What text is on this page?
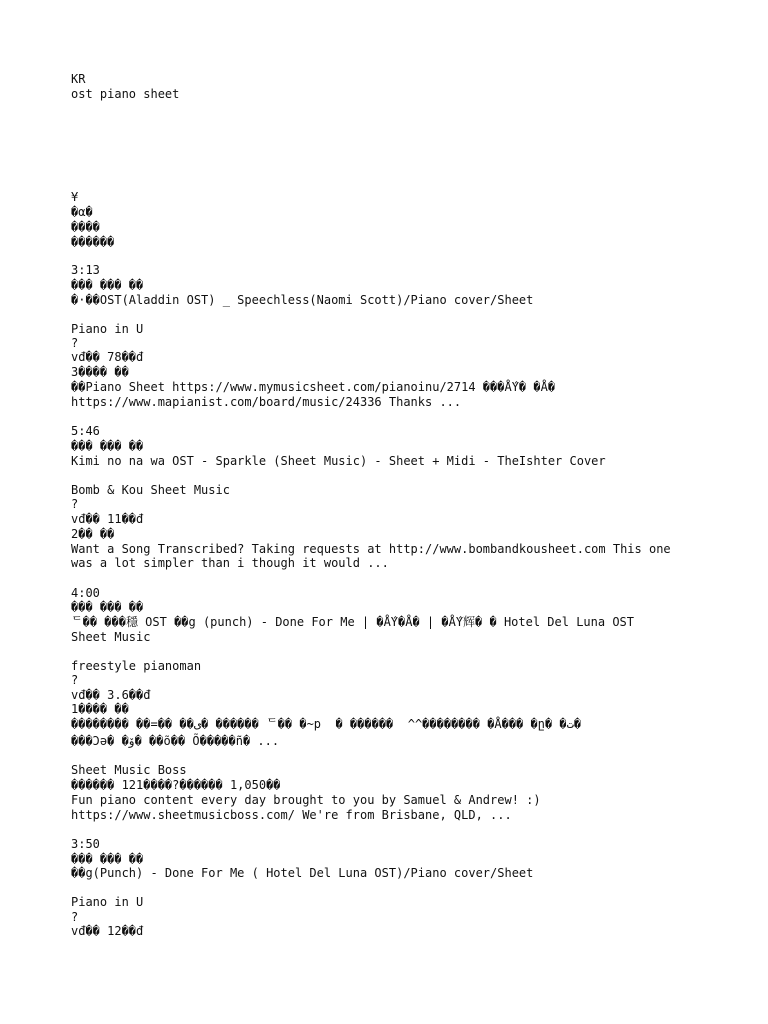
KR
ost piano sheet
¥
�α�
����
������
3:13
��� ��� ��
�·��OST(Aladdin OST) _ Speechless(Naomi Scott)/Piano cover/Sheet
Piano in U
?
vđ�� 78��đ
3���� ��
��Piano Sheet https://www.mymusicsheet.com/pianoinu/2714 ���ǺΥ� �Å�
https://www.mapianist.com/board/music/24336 Thanks ...
5:46
��� ��� ��
Kimi no na wa OST - Sparkle (Sheet Music) - Sheet + Midi - TheIshter Cover
Bomb & Kou Sheet Music
?
vđ�� 11��đ
2�� ��
Want a Song Transcribed? Taking requests at http://www.bombandkousheet.com This one
was a lot simpler than i though it would ...
4:00
��� ��� ��
ᄃ�� ���穩 OST ��g (punch) - Done For Me | �ǺΥ�Å� | �ǺΥ辉� � Hotel Del Luna OST
Sheet Music
freestyle pianoman
?
vđ�� 3.6��đ
1���� ��
�������� ��=�� ��ی� ������ ᄃ�� �~р  � ������  ^^�������� �Å��� �ը� �ت�
���Ɔə� �ۆ� ��õ�� Õ�����ñ� ...
Sheet Music Boss
������ 121����?������ 1,050��
Fun piano content every day brought to you by Samuel & Andrew! :)
https://www.sheetmusicboss.com/ We're from Brisbane, QLD, ...
3:50
��� ��� ��
��g(Punch) - Done For Me ( Hotel Del Luna OST)/Piano cover/Sheet
Piano in U
?
vđ�� 12��đ
